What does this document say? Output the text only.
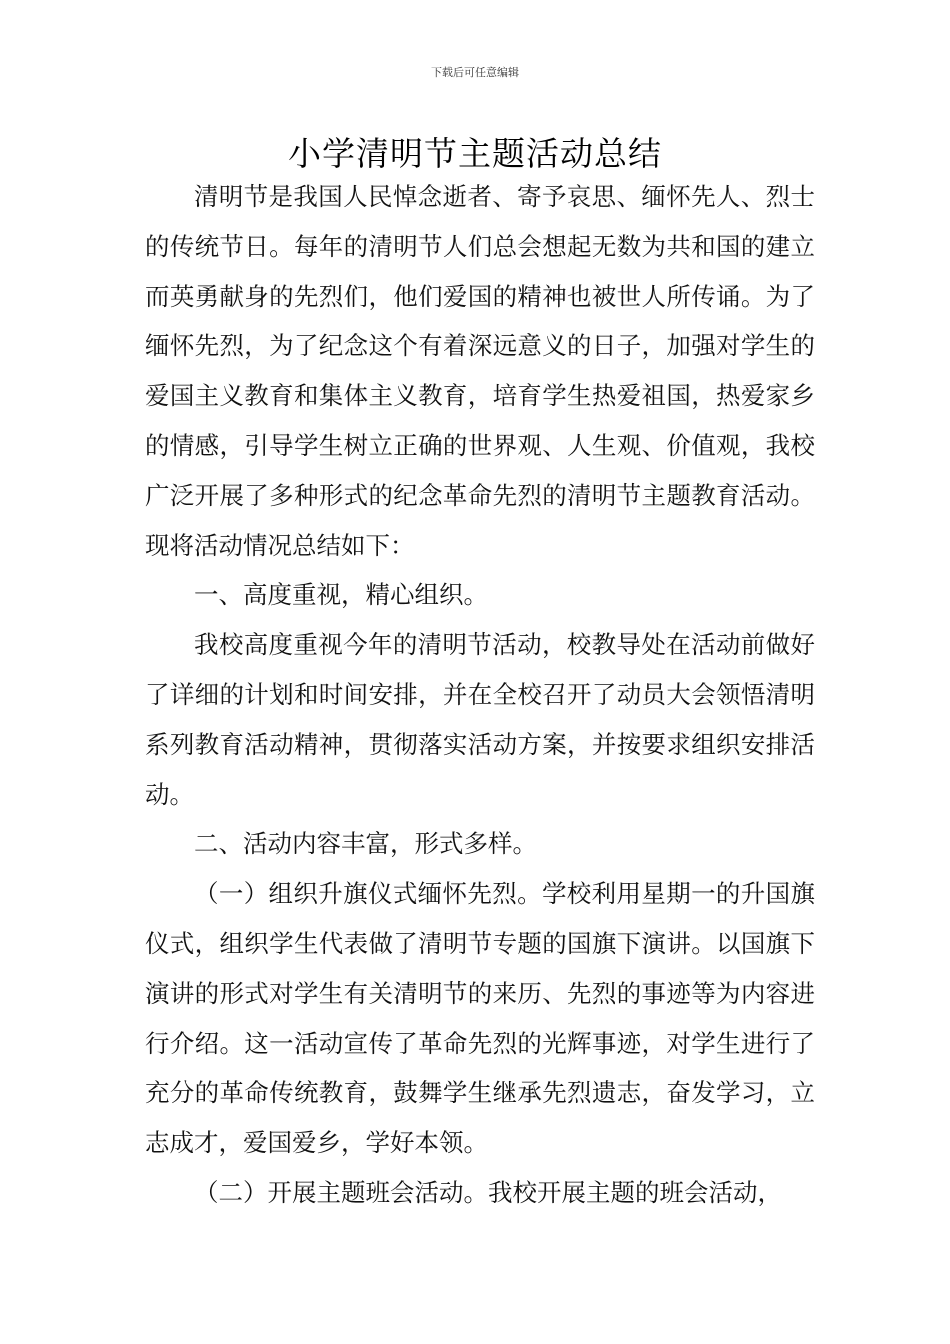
下载后可任意编辑
小学清明节主题活动总结

清明节是我国人民悼念逝者、寄予哀思、缅怀先人、烈士的传统节日。每年的清明节人们总会想起无数为共和国的建立而英勇献身的先烈们，他们爱国的精神也被世人所传诵。为了缅怀先烈，为了纪念这个有着深远意义的日子，加强对学生的爱国主义教育和集体主义教育，培育学生热爱祖国，热爱家乡的情感，引导学生树立正确的世界观、人生观、价值观，我校广泛开展了多种形式的纪念革命先烈的清明节主题教育活动。现将活动情况总结如下：

一、高度重视，精心组织。

我校高度重视今年的清明节活动，校教导处在活动前做好了详细的计划和时间安排，并在全校召开了动员大会领悟清明系列教育活动精神，贯彻落实活动方案，并按要求组织安排活动。

二、活动内容丰富，形式多样。

（一）组织升旗仪式缅怀先烈。学校利用星期一的升国旗仪式，组织学生代表做了清明节专题的国旗下演讲。以国旗下演讲的形式对学生有关清明节的来历、先烈的事迹等为内容进行介绍。这一活动宣传了革命先烈的光辉事迹，对学生进行了充分的革命传统教育，鼓舞学生继承先烈遗志，奋发学习，立志成才，爱国爱乡，学好本领。

（二）开展主题班会活动。我校开展主题的班会活动，
